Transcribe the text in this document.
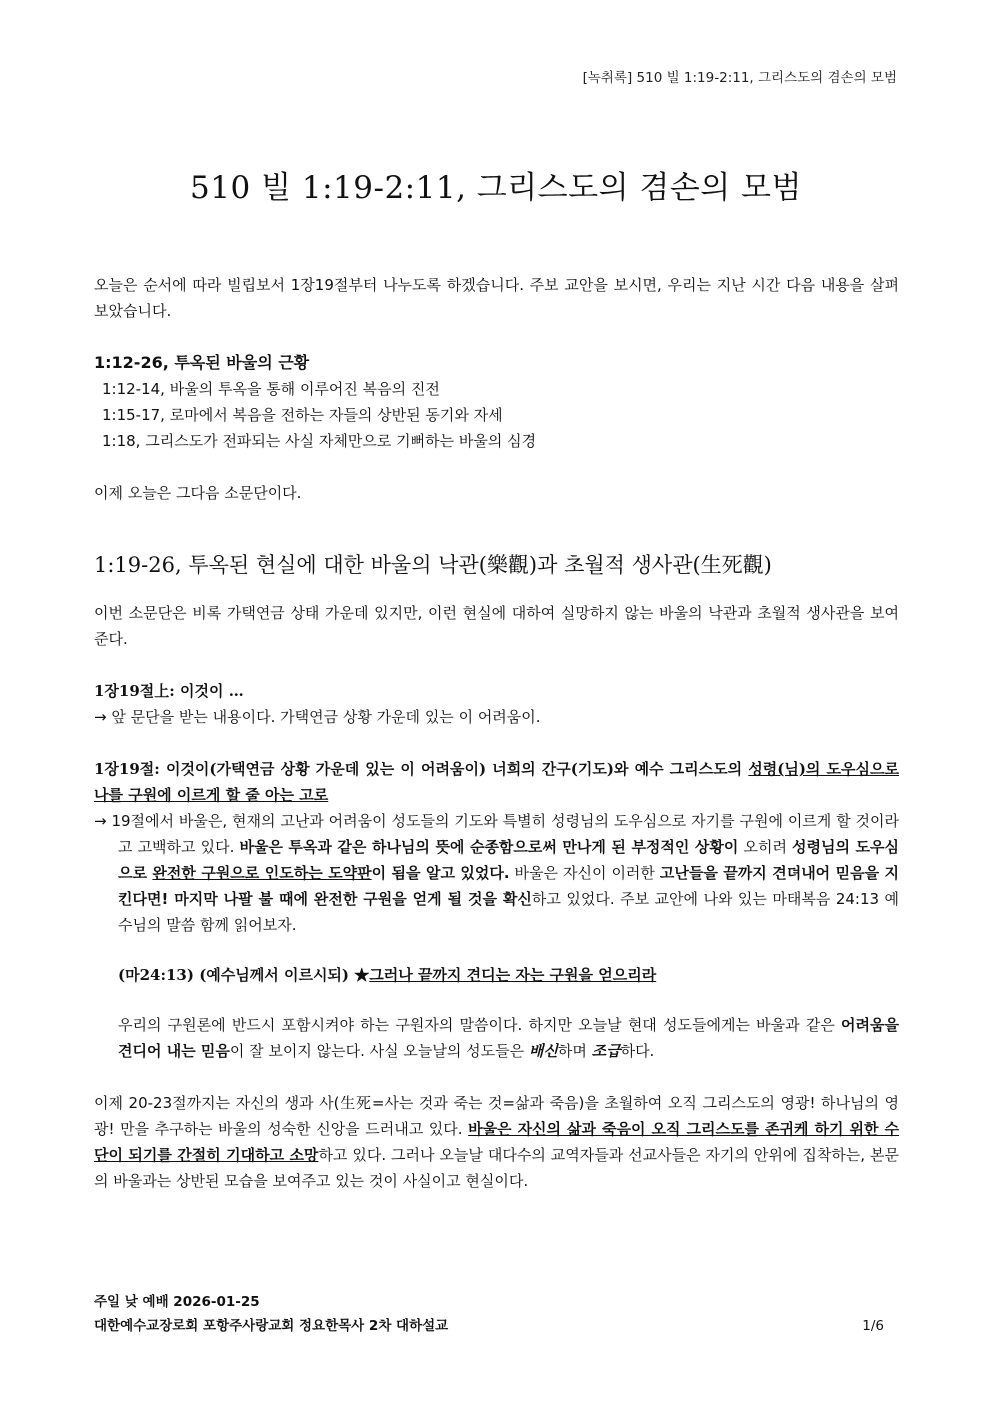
[녹취록] 510 빌 1:19-2:11, 그리스도의 겸손의 모범
510 빌 1:19-2:11, 그리스도의 겸손의 모범

오늘은 순서에 따라 빌립보서 1장19절부터 나누도록 하겠습니다. 주보 교안을 보시면, 우리는 지난 시간 다음 내용을 살펴보았습니다.

1:12-26, 투옥된 바울의 근황
1:12-14, 바울의 투옥을 통해 이루어진 복음의 진전
1:15-17, 로마에서 복음을 전하는 자들의 상반된 동기와 자세
1:18, 그리스도가 전파되는 사실 자체만으로 기뻐하는 바울의 심경

이제 오늘은 그다음 소문단이다.

1:19-26, 투옥된 현실에 대한 바울의 낙관(樂觀)과 초월적 생사관(生死觀)

이번 소문단은 비록 가택연금 상태 가운데 있지만, 이런 현실에 대하여 실망하지 않는 바울의 낙관과 초월적 생사관을 보여준다.

1장19절上: 이것이 …

→ 앞 문단을 받는 내용이다. 가택연금 상황 가운데 있는 이 어려움이.

1장19절: 이것이(가택연금 상황 가운데 있는 이 어려움이) 너희의 간구(기도)와 예수 그리스도의 성령(님)의 도우심으로 나를 구원에 이르게 할 줄 아는 고로

→ 19절에서 바울은, 현재의 고난과 어려움이 성도들의 기도와 특별히 성령님의 도우심으로 자기를 구원에 이르게 할 것이라고 고백하고 있다. 바울은 투옥과 같은 하나님의 뜻에 순종함으로써 만나게 된 부정적인 상황이 오히려 성령님의 도우심으로 완전한 구원으로 인도하는 도약판이 됨을 알고 있었다. 바울은 자신이 이러한 고난들을 끝까지 견뎌내어 믿음을 지킨다면! 마지막 나팔 불 때에 완전한 구원을 얻게 될 것을 확신하고 있었다. 주보 교안에 나와 있는 마태복음 24:13 예수님의 말씀 함께 읽어보자.

(마24:13) (예수님께서 이르시되) ★그러나 끝까지 견디는 자는 구원을 얻으리라

우리의 구원론에 반드시 포함시켜야 하는 구원자의 말씀이다. 하지만 오늘날 현대 성도들에게는 바울과 같은 어려움을 견디어 내는 믿음이 잘 보이지 않는다. 사실 오늘날의 성도들은 배신하며 조급하다.

이제 20-23절까지는 자신의 생과 사(生死=사는 것과 죽는 것=삶과 죽음)을 초월하여 오직 그리스도의 영광! 하나님의 영광! 만을 추구하는 바울의 성숙한 신앙을 드러내고 있다. 바울은 자신의 삶과 죽음이 오직 그리스도를 존귀케 하기 위한 수단이 되기를 간절히 기대하고 소망하고 있다. 그러나 오늘날 대다수의 교역자들과 선교사들은 자기의 안위에 집착하는, 본문의 바울과는 상반된 모습을 보여주고 있는 것이 사실이고 현실이다.

주일 낮 예배 2026-01-25
대한예수교장로회 포항주사랑교회 정요한목사 2차 대하설교	1/6
